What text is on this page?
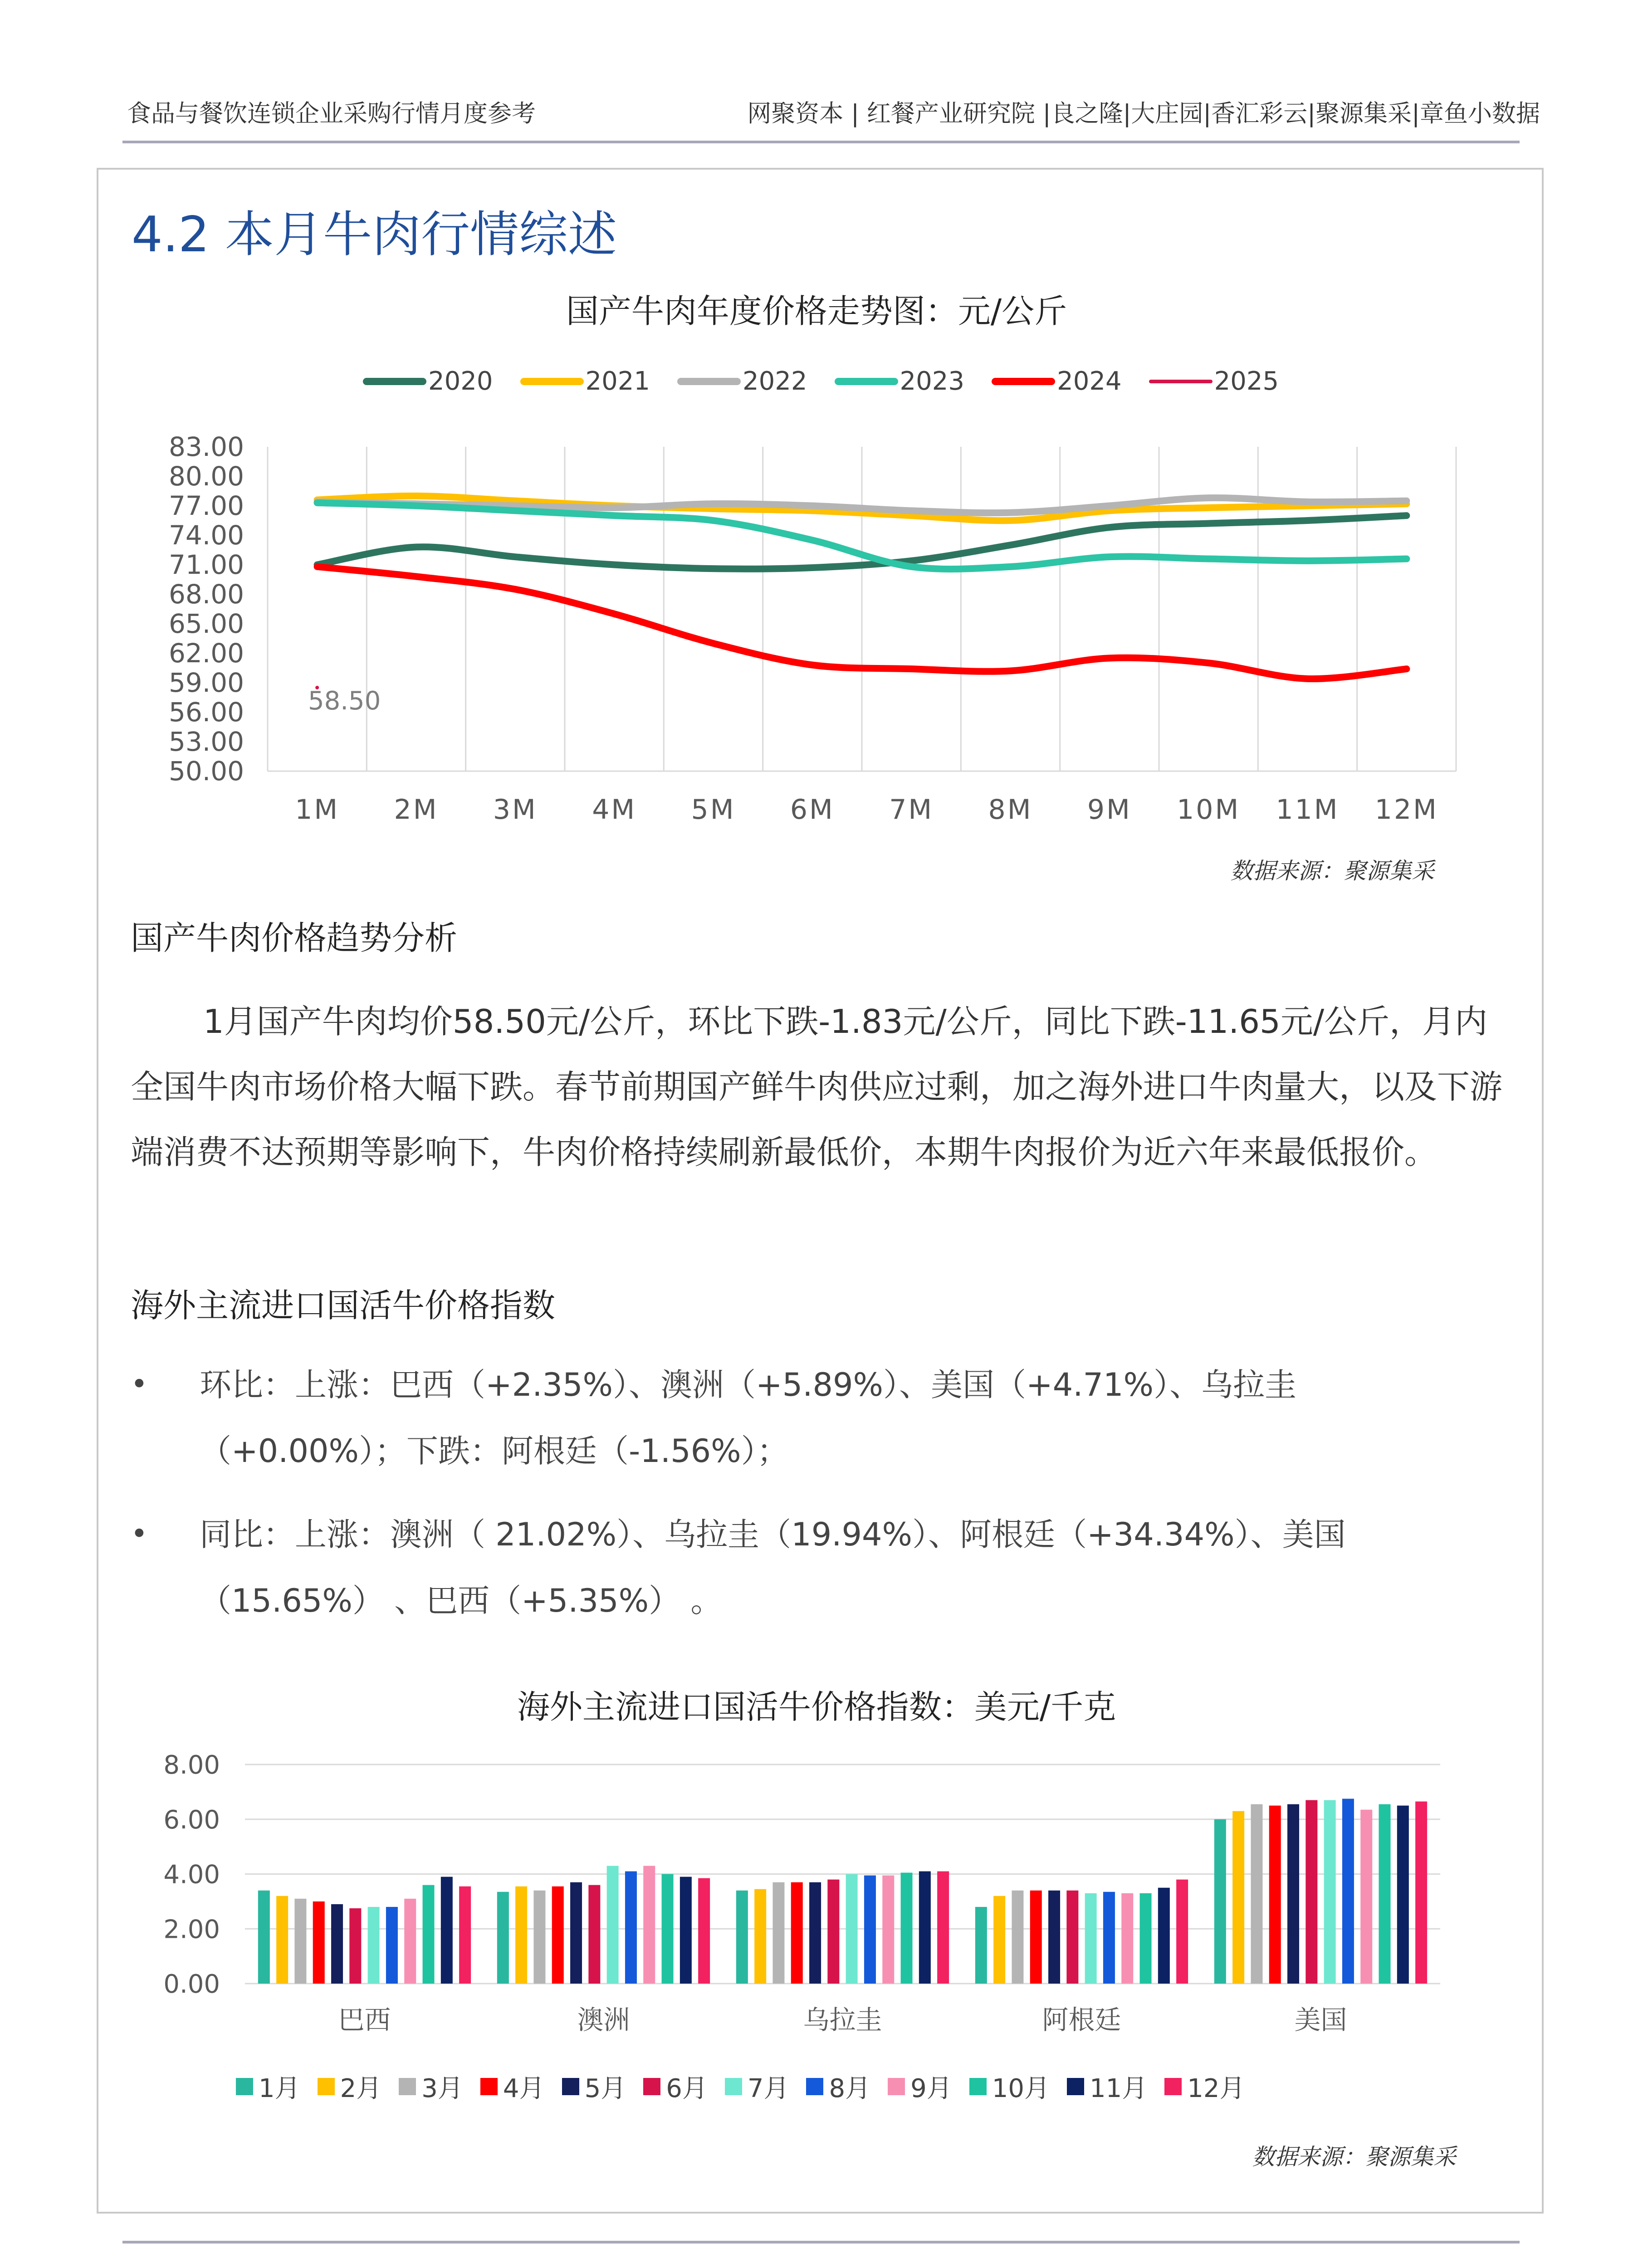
食品与餐饮连锁企业采购行情月度参考	网聚资本 | 红餐产业研究院 |良之隆|大庄园|香汇彩云|聚源集采|章鱼小数据
4.2 本月牛肉行情综述
国产牛肉年度价格走势图：元/公斤
2020	2021	2022	2023	2024	2025
83.00
80.00
77.00
74.00
71.00
68.00
65.00
62.00
59.00
56.00
53.00
50.00
1M 2M 3M 4M 5M 6M 7M 8M 9M 10M 11M 12M
58.50
数据来源：聚源集采
国产牛肉价格趋势分析

1月国产牛肉均价58.50元/公斤，环比下跌-1.83元/公斤，同比下跌-11.65元/公斤，月内全国牛肉市场价格大幅下跌。春节前期国产鲜牛肉供应过剩，加之海外进口牛肉量大，以及下游端消费不达预期等影响下，牛肉价格持续刷新最低价，本期牛肉报价为近六年来最低报价。

海外主流进口国活牛价格指数
• 环比：上涨：巴西（+2.35%）、澳洲（+5.89%）、美国（+4.71%）、乌拉圭（+0.00%）；下跌：阿根廷（-1.56%）；

• 同比：上涨：澳洲（ 21.02%）、乌拉圭（19.94%）、阿根廷（+34.34%）、美国（15.65%） 、巴西（+5.35%） 。

海外主流进口国活牛价格指数：美元/千克
8.00
6.00
4.00
2.00
0.00
巴西	澳洲	乌拉圭	阿根廷	美国
1月 2月 3月 4月 5月 6月 7月 8月 9月 10月 11月 12月
数据来源：聚源集采
